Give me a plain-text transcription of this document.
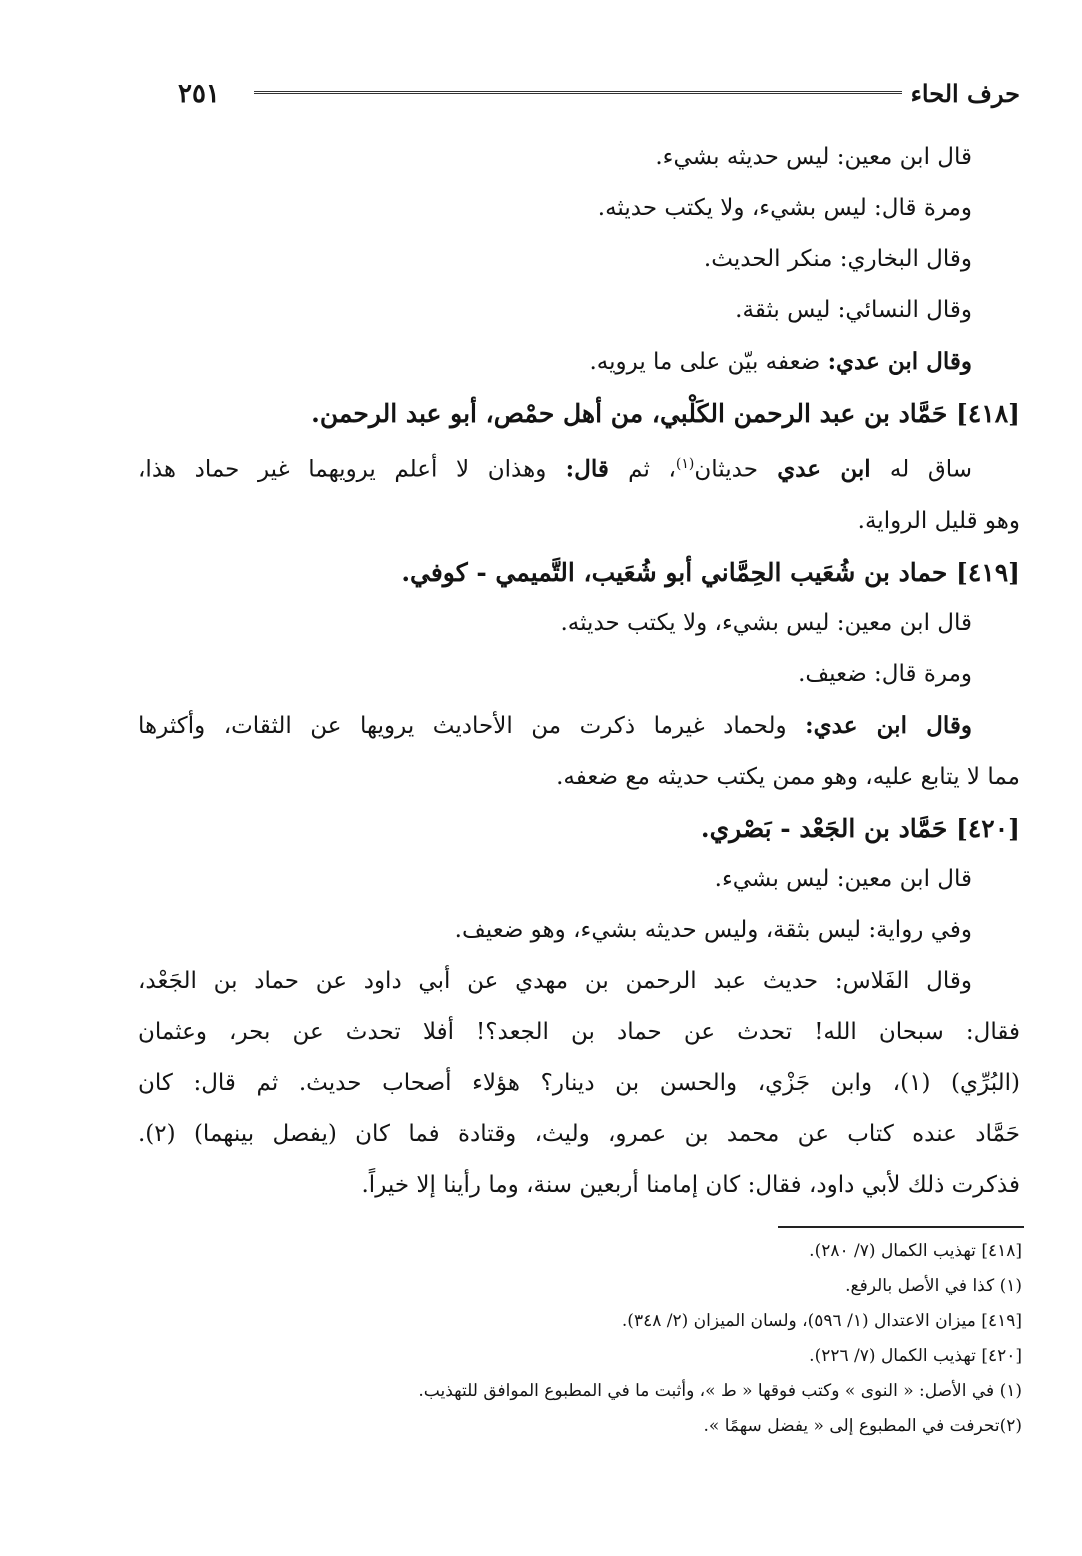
حرف الحاء
٢٥١

قال ابن معين: ليس حديثه بشيء.

ومرة قال: ليس بشيء، ولا يكتب حديثه.

وقال البخاري: منكر الحديث.

وقال النسائي: ليس بثقة.

وقال ابن عدي: ضعفه بيّن على ما يرويه.

[٤١٨] حَمَّاد بن عبد الرحمن الكَلْبي، من أهل حمْص، أبو عبد الرحمن.

ساق له ابن عدي حديثان$^{(١)}$، ثم قال: وهذان لا أعلم يرويهما غير حماد هذا،

وهو قليل الرواية.

[٤١٩] حماد بن شُعَيب الحِمَّاني أبو شُعَيب، التَّميمي - كوفي.

قال ابن معين: ليس بشيء، ولا يكتب حديثه.

ومرة قال: ضعيف.

وقال ابن عدي: ولحماد غيرما ذكرت من الأحاديث يرويها عن الثقات، وأكثرها

مما لا يتابع عليه، وهو ممن يكتب حديثه مع ضعفه.

[٤٢٠] حَمَّاد بن الجَعْد - بَصْري.

قال ابن معين: ليس بشيء.

وفي رواية: ليس بثقة، وليس حديثه بشيء، وهو ضعيف.

وقال الفَلاس: حديث عبد الرحمن بن مهدي عن أبي داود عن حماد بن الجَعْد،

فقال: سبحان الله! تحدث عن حماد بن الجعد؟! أفلا تحدث عن بحر، وعثمان

(البُرِّي) (١)، وابن جَزْي، والحسن بن دينار؟ هؤلاء أصحاب حديث. ثم قال: كان

حَمَّاد عنده كتاب عن محمد بن عمرو، وليث، وقتادة فما كان (يفصل بينهما) (٢).

فذكرت ذلك لأبي داود، فقال: كان إمامنا أربعين سنة، وما رأينا إلا خيراً.

[٤١٨] تهذيب الكمال (٧/ ٢٨٠).

(١) كذا في الأصل بالرفع.

[٤١٩] ميزان الاعتدال (١/ ٥٩٦)، ولسان الميزان (٢/ ٣٤٨).

[٤٢٠] تهذيب الكمال (٧/ ٢٢٦).

(١) في الأصل: « النوى » وكتب فوقها « ط »، وأثبت ما في المطبوع الموافق للتهذيب.

(٢)تحرفت في المطبوع إلى « يفضل سهمًا ».
